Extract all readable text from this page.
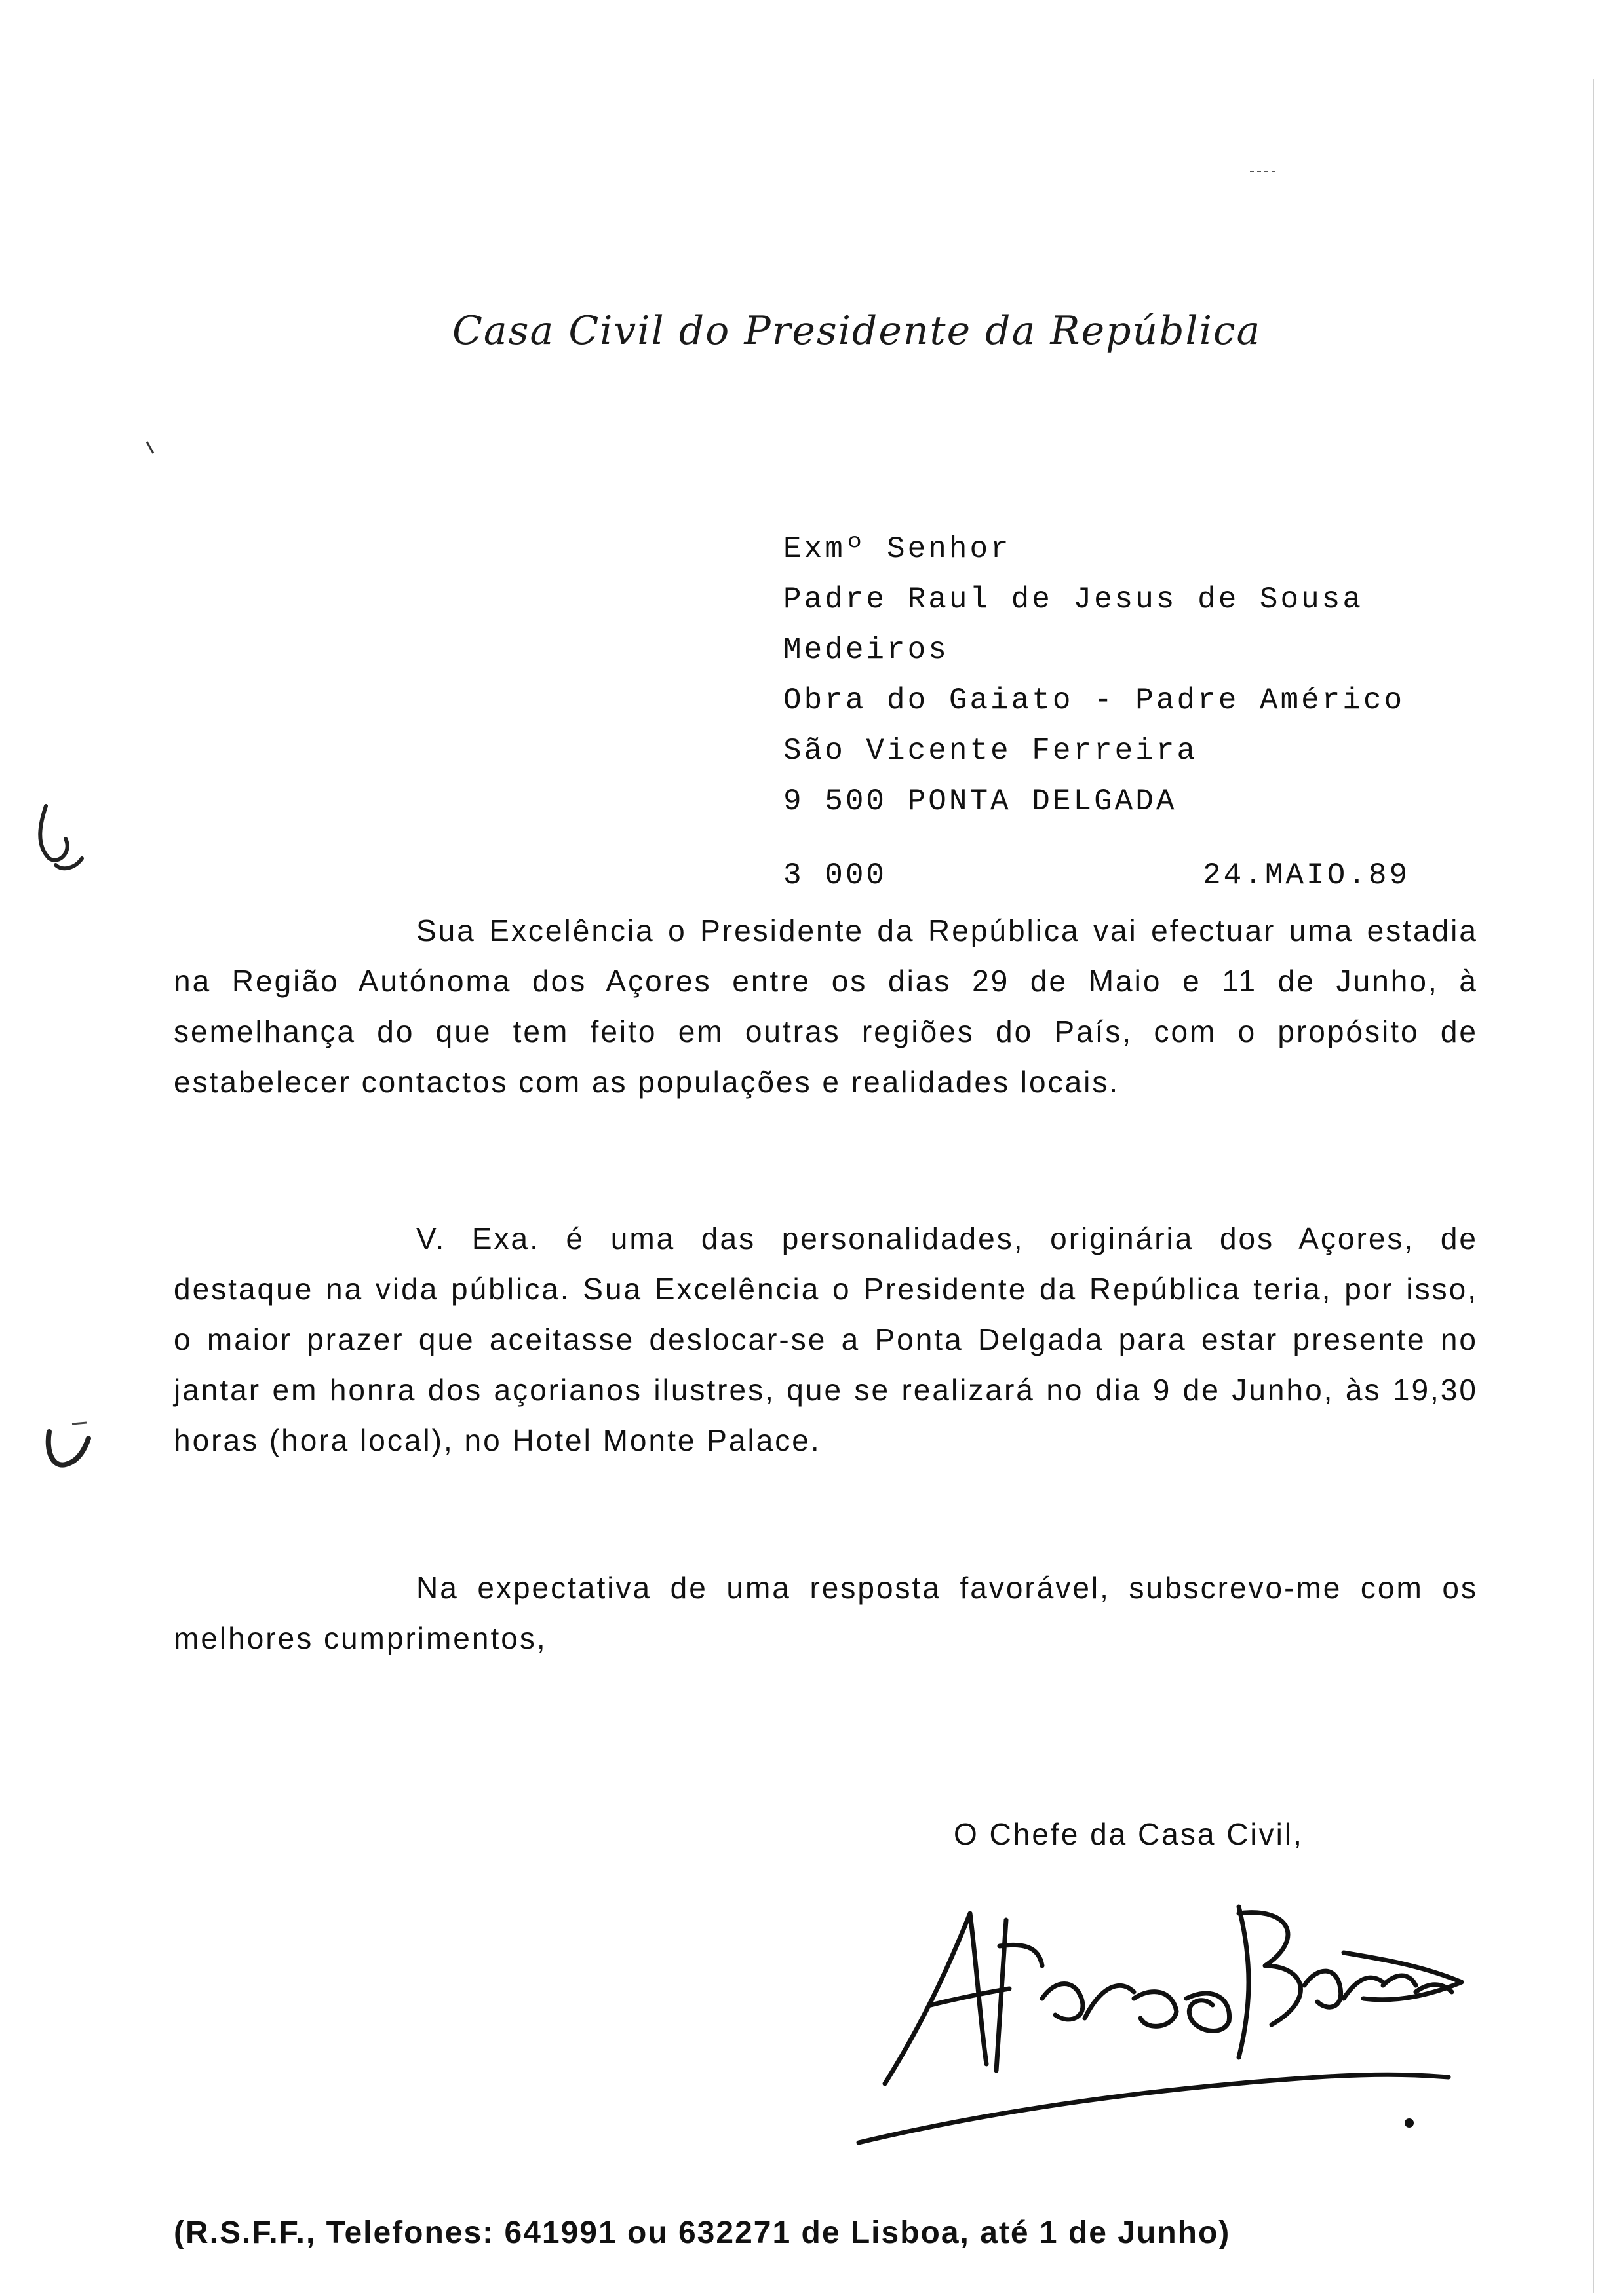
Casa Civil do Presidente da República
Exmº Senhor
Padre Raul de Jesus de Sousa
Medeiros
Obra do Gaiato - Padre Américo
São Vicente Ferreira
9 500 PONTA DELGADA
3 000	24.MAIO.89

Sua Excelência o Presidente da República vai efectuar uma estadia na Região Autónoma dos Açores entre os dias 29 de Maio e 11 de Junho, à semelhança do que tem feito em outras regiões do País, com o propósito de estabelecer contactos com as populações e realidades locais.

V. Exa. é uma das personalidades, originária dos Açores, de destaque na vida pública. Sua Excelência o Presidente da República teria, por isso, o maior prazer que aceitasse deslocar-se a Ponta Delgada para estar presente no jantar em honra dos açorianos ilustres, que se realizará no dia 9 de Junho, às 19,30 horas (hora local), no Hotel Monte Palace.

Na expectativa de uma resposta favorável, subscrevo-me com os melhores cumprimentos,

O Chefe da Casa Civil,
(R.S.F.F., Telefones: 641991 ou 632271 de Lisboa, até 1 de Junho)
